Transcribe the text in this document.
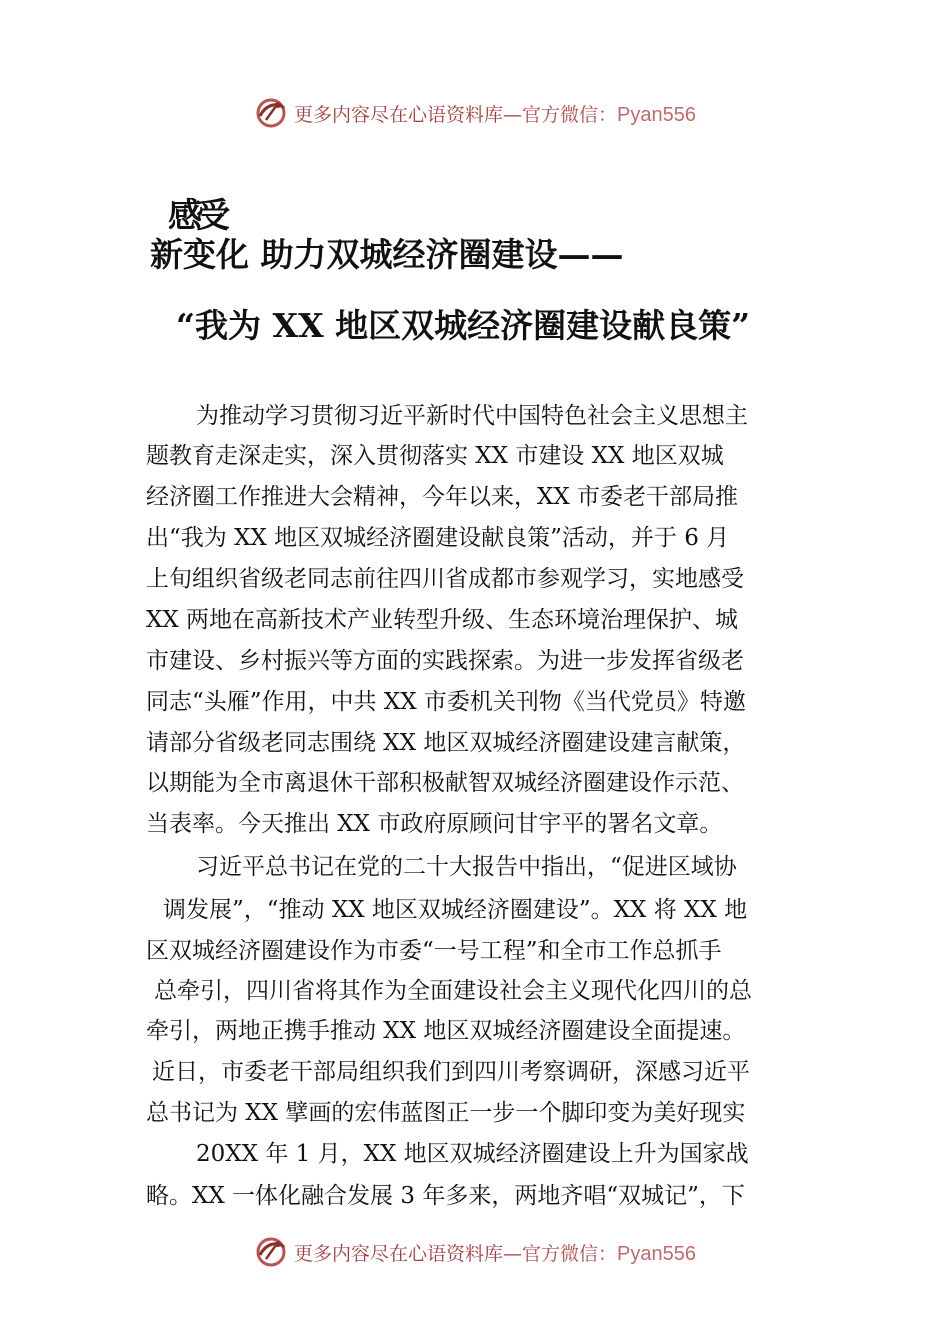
更多内容尽在心语资料库—官方微信：Pyan556
感受
新变化 助力双城经济圈建设——
“我为 XX 地区双城经济圈建设献良策”
为推动学习贯彻习近平新时代中国特色社会主义思想主
题教育走深走实，深入贯彻落实 XX 市建设 XX 地区双城
经济圈工作推进大会精神，今年以来，XX 市委老干部局推
出“我为 XX 地区双城经济圈建设献良策”活动，并于 6 月
上旬组织省级老同志前往四川省成都市参观学习，实地感受
XX 两地在高新技术产业转型升级、生态环境治理保护、城
市建设、乡村振兴等方面的实践探索。为进一步发挥省级老
同志“头雁”作用，中共 XX 市委机关刊物《当代党员》特邀
请部分省级老同志围绕 XX 地区双城经济圈建设建言献策，
以期能为全市离退休干部积极献智双城经济圈建设作示范、
当表率。今天推出 XX 市政府原顾问甘宇平的署名文章。
习近平总书记在党的二十大报告中指出，“促进区域协
调发展”，“推动 XX 地区双城经济圈建设”。XX 将 XX 地
区双城经济圈建设作为市委“一号工程”和全市工作总抓手
总牵引，四川省将其作为全面建设社会主义现代化四川的总
牵引，两地正携手推动 XX 地区双城经济圈建设全面提速。
近日，市委老干部局组织我们到四川考察调研，深感习近平
总书记为 XX 擘画的宏伟蓝图正一步一个脚印变为美好现实
20XX 年 1 月，XX 地区双城经济圈建设上升为国家战
略。XX 一体化融合发展 3 年多来，两地齐唱“双城记”，下
更多内容尽在心语资料库—官方微信：Pyan556
